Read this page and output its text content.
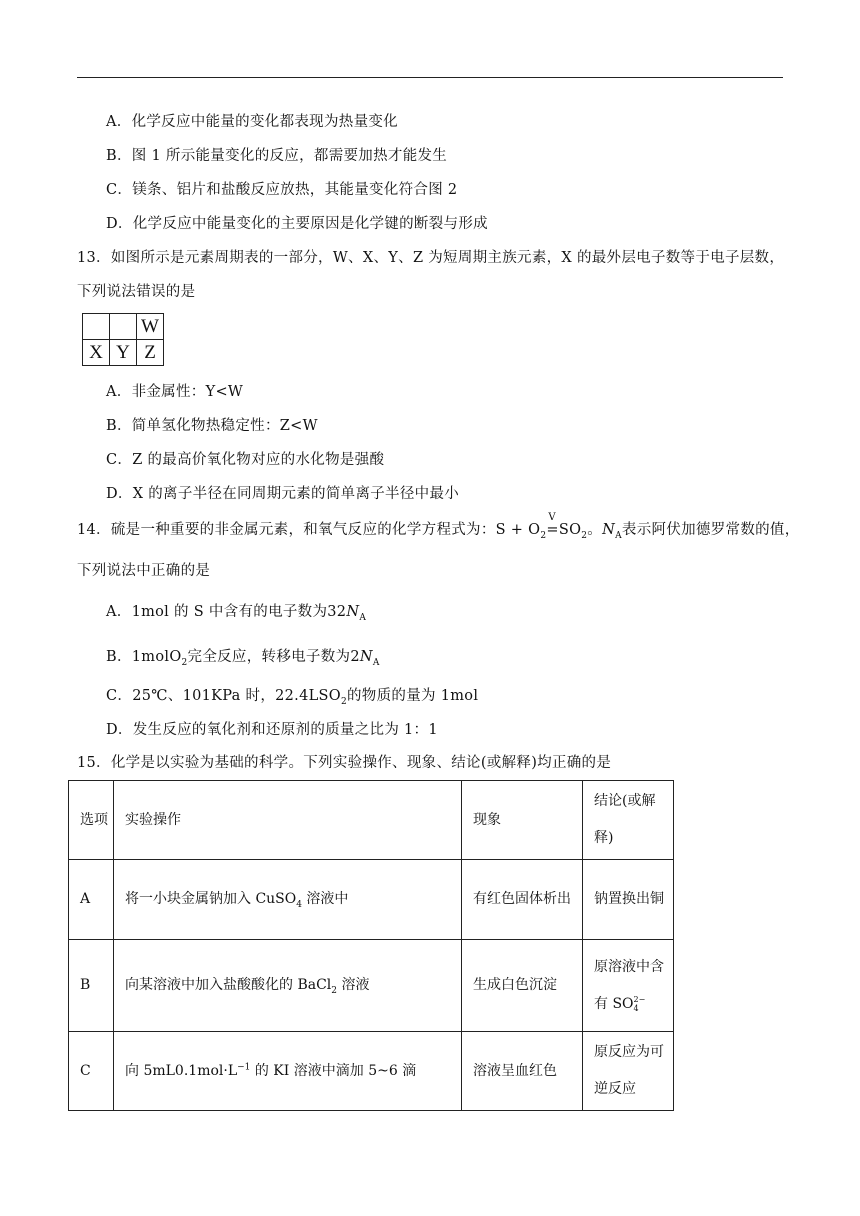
A．化学反应中能量的变化都表现为热量变化
B．图 1 所示能量变化的反应，都需要加热才能发生
C．镁条、铝片和盐酸反应放热，其能量变化符合图 2
D．化学反应中能量变化的主要原因是化学键的断裂与形成
13．如图所示是元素周期表的一部分，W、X、Y、Z 为短周期主族元素，X 的最外层电子数等于电子层数，
下列说法错误的是
		W
X	Y	Z
A．非金属性：Y<W
B．简单氢化物热稳定性：Z<W
C．Z 的最高价氧化物对应的水化物是强酸
D．X 的离子半径在同周期元素的简单离子半径中最小
14．硫是一种重要的非金属元素，和氧气反应的化学方程式为：$S + O_2$
V
$=SO_2$。$N_A$表示阿伏加德罗常数的值，
下列说法中正确的是
A．1mol 的 S 中含有的电子数为$32N_A$
B．1molO$_2$完全反应，转移电子数为$2N_A$
C．25℃、101KPa 时，$22.4LSO_2$的物质的量为 1mol
D．发生反应的氧化剂和还原剂的质量之比为 1：1
15．化学是以实验为基础的科学。下列实验操作、现象、结论(或解释)均正确的是
选项	实验操作	现象	结论(或解释)
A	将一小块金属钠加入 CuSO$_4$ 溶液中	有红色固体析出	钠置换出铜
B	向某溶液中加入盐酸酸化的 BaCl$_2$ 溶液	生成白色沉淀	原溶液中含有 SO2−
4
C	向 $5mL0.1mol\cdot L^{-1}$ 的 KI 溶液中滴加 5~6 滴	溶液呈血红色	原反应为可逆反应
